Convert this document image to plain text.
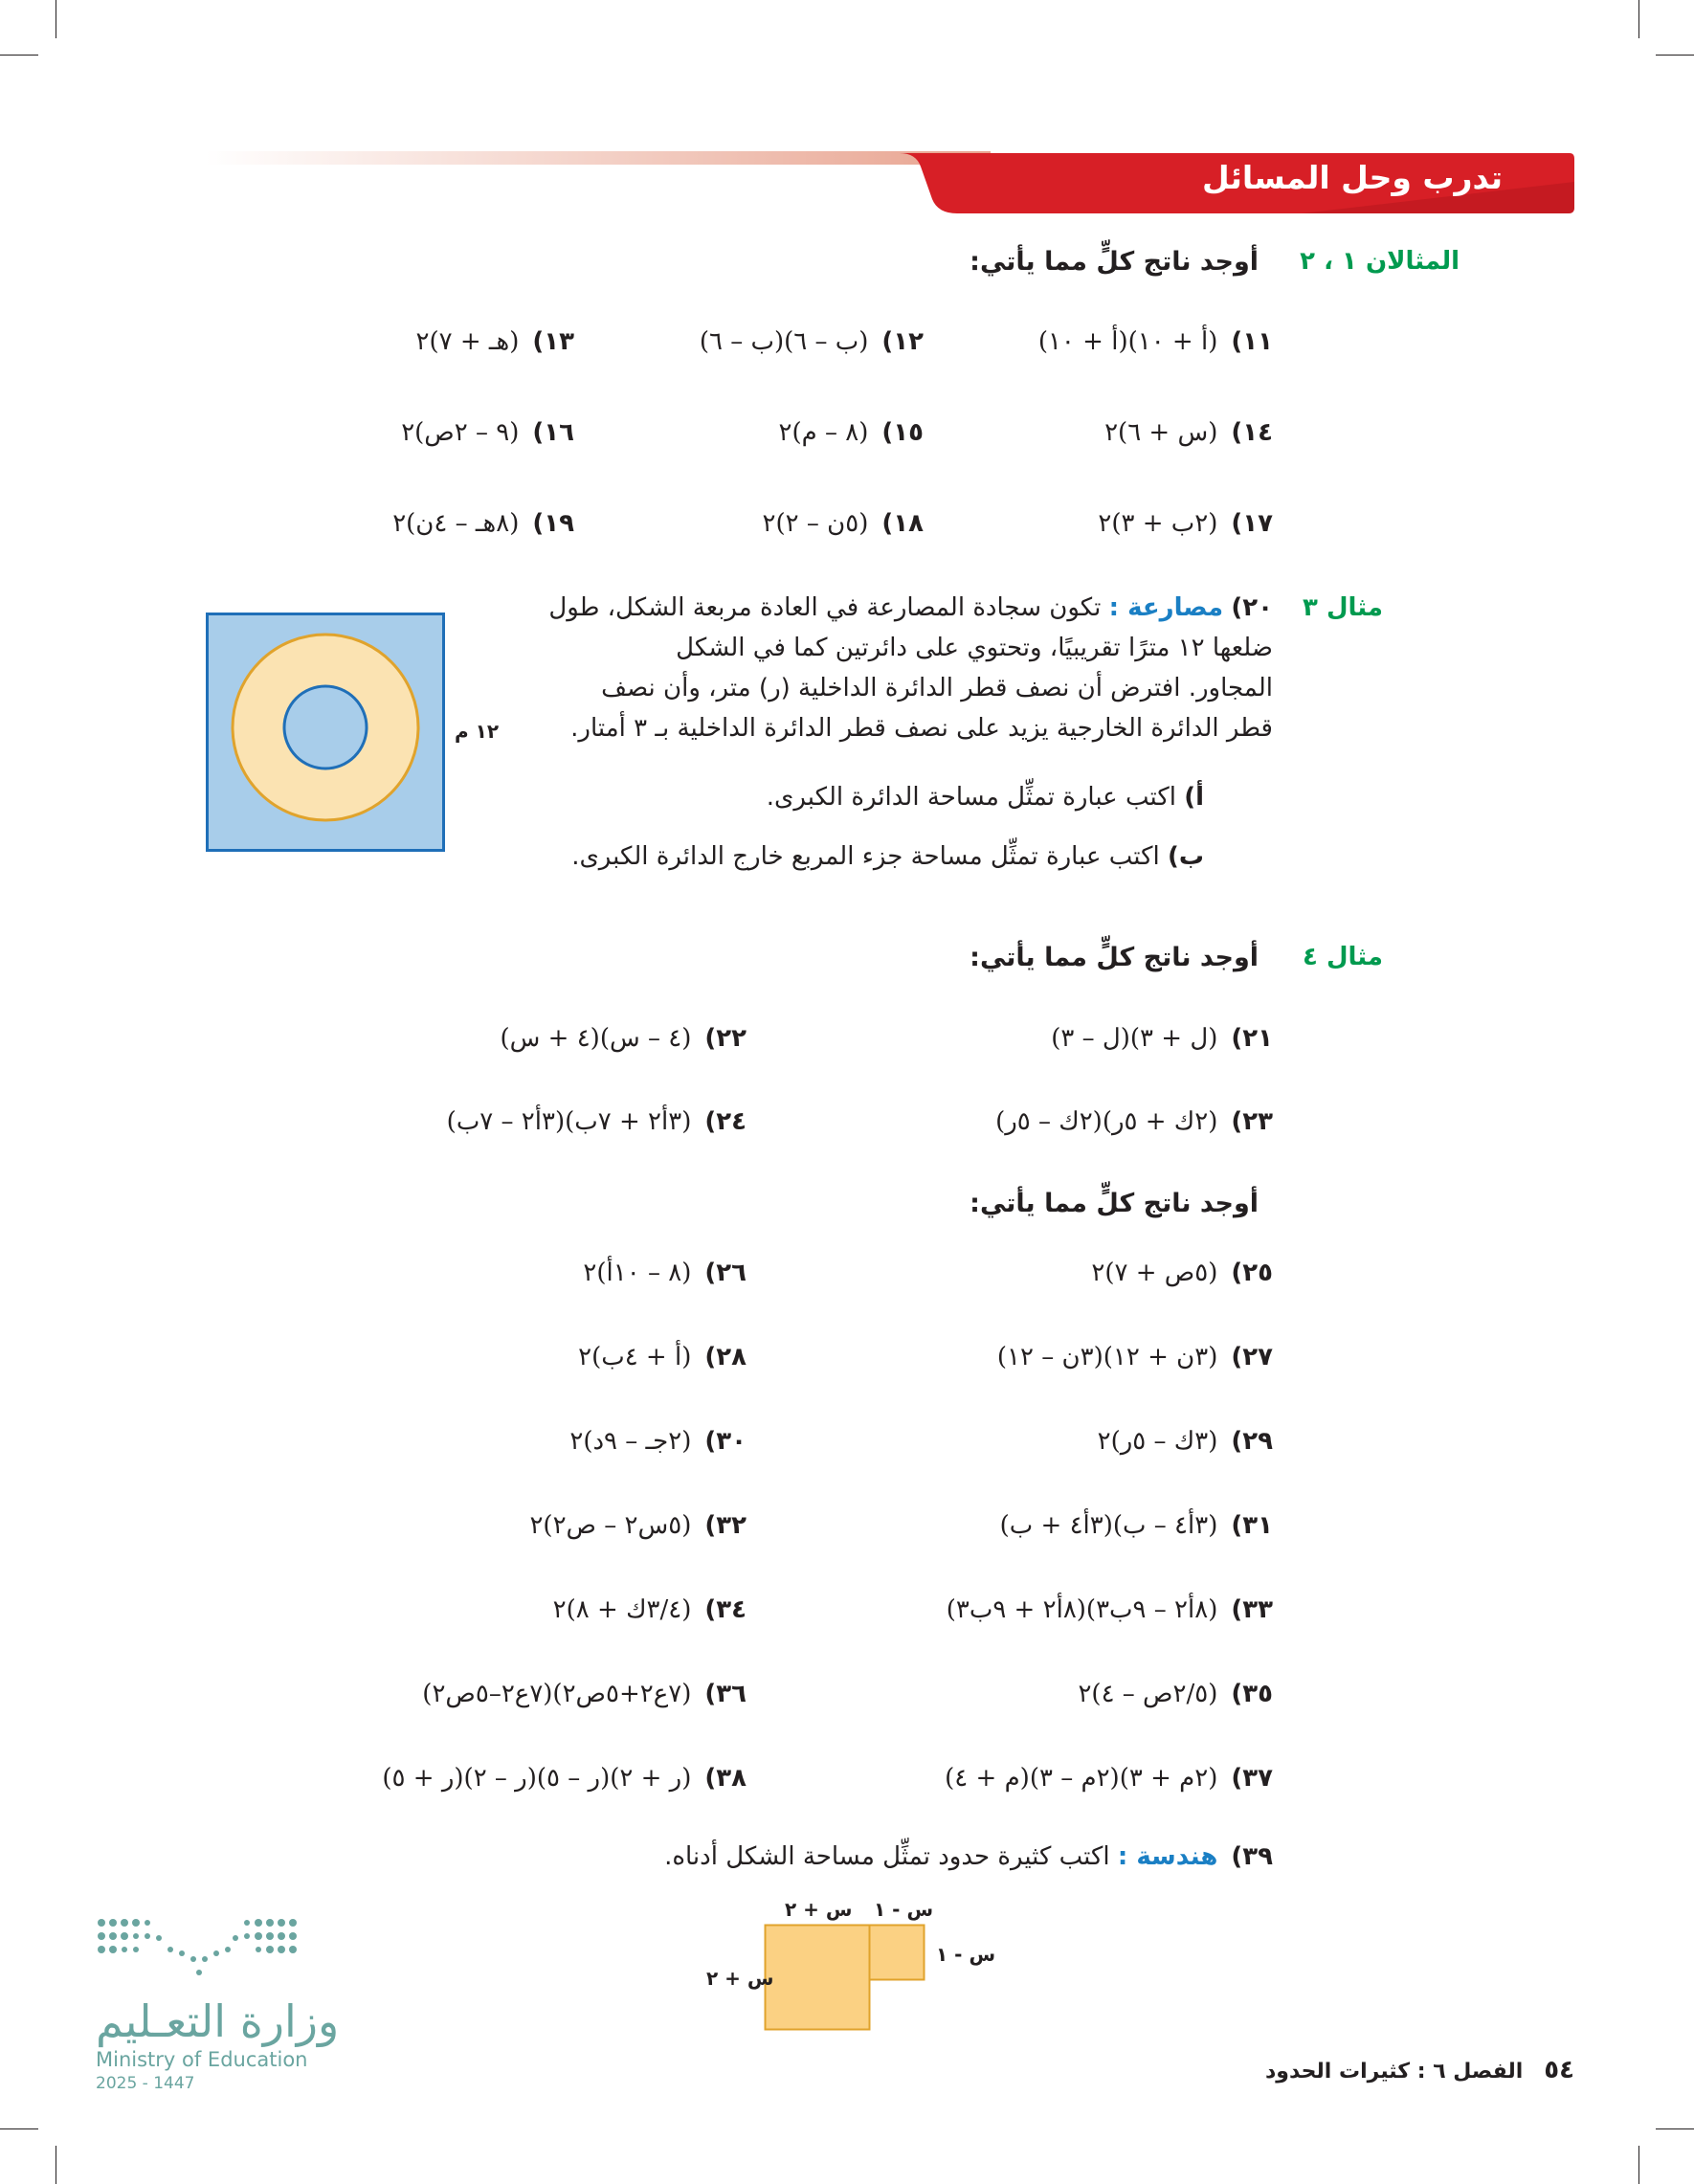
تدرب وحل المسائل
المثالان ١ ، ٢
أوجد ناتج كلٍّ مما يأتي:
١١)(أ + ١٠)(أ + ١٠)
١٢)(ب – ٦)(ب – ٦)
١٣)(هـ + ٧)٢
١٤)(س + ٦)٢
١٥)(٨ – م)٢
١٦)(٩ – ٢ص)٢
١٧)(٢ب + ٣)٢
١٨)(٥ن – ٢)٢
١٩)(٨هـ – ٤ن)٢
مثال ٣
٢٠) مصارعة : تكون سجادة المصارعة في العادة مربعة الشكل، طول
ضلعها ١٢ مترًا تقريبيًا، وتحتوي على دائرتين كما في الشكل
المجاور. افترض أن نصف قطر الدائرة الداخلية (ر) متر، وأن نصف
قطر الدائرة الخارجية يزيد على نصف قطر الدائرة الداخلية بـ ٣ أمتار.
أ) اكتب عبارة تمثِّل مساحة الدائرة الكبرى.
ب) اكتب عبارة تمثِّل مساحة جزء المربع خارج الدائرة الكبرى.
١٢ م
مثال ٤
أوجد ناتج كلٍّ مما يأتي:
٢١)(ل + ٣)(ل – ٣)
٢٢)(٤ – س)(٤ + س)
٢٣)(٢ك + ٥ر)(٢ك – ٥ر)
٢٤)(٣أ٢ + ٧ب)(٣أ٢ – ٧ب)
أوجد ناتج كلٍّ مما يأتي:
٢٥)(٥ص + ٧)٢
٢٦)(٨ – ١٠أ)٢
٢٧)(٣ن + ١٢)(٣ن – ١٢)
٢٨)(أ + ٤ب)٢
٢٩)(٣ك – ٥ر)٢
٣٠)(٢جـ – ٩د)٢
٣١)(٣أ٤ – ب)(٣أ٤ + ب)
٣٢)(٥س٢ – ص٢)٢
٣٣)(٨أ٢ – ٩ب٣)(٨أ٢ + ٩ب٣)
٣٤)(٣/٤ك + ٨)٢
٣٥)(٢/٥ص – ٤)٢
٣٦)(٧ع٢+٥ص٢)(٧ع٢–٥ص٢)
٣٧)(٢م + ٣)(٢م – ٣)(م + ٤)
٣٨)(ر + ٢)(ر – ٥)(ر – ٢)(ر + ٥)
٣٩)هندسة : اكتب كثيرة حدود تمثِّل مساحة الشكل أدناه.
س + ٢ س - ١
س - ١
س + ٢
وزارة التعـليم
Ministry of Education
2025 - 1447	٥٤الفصل ٦ : كثيرات الحدود
